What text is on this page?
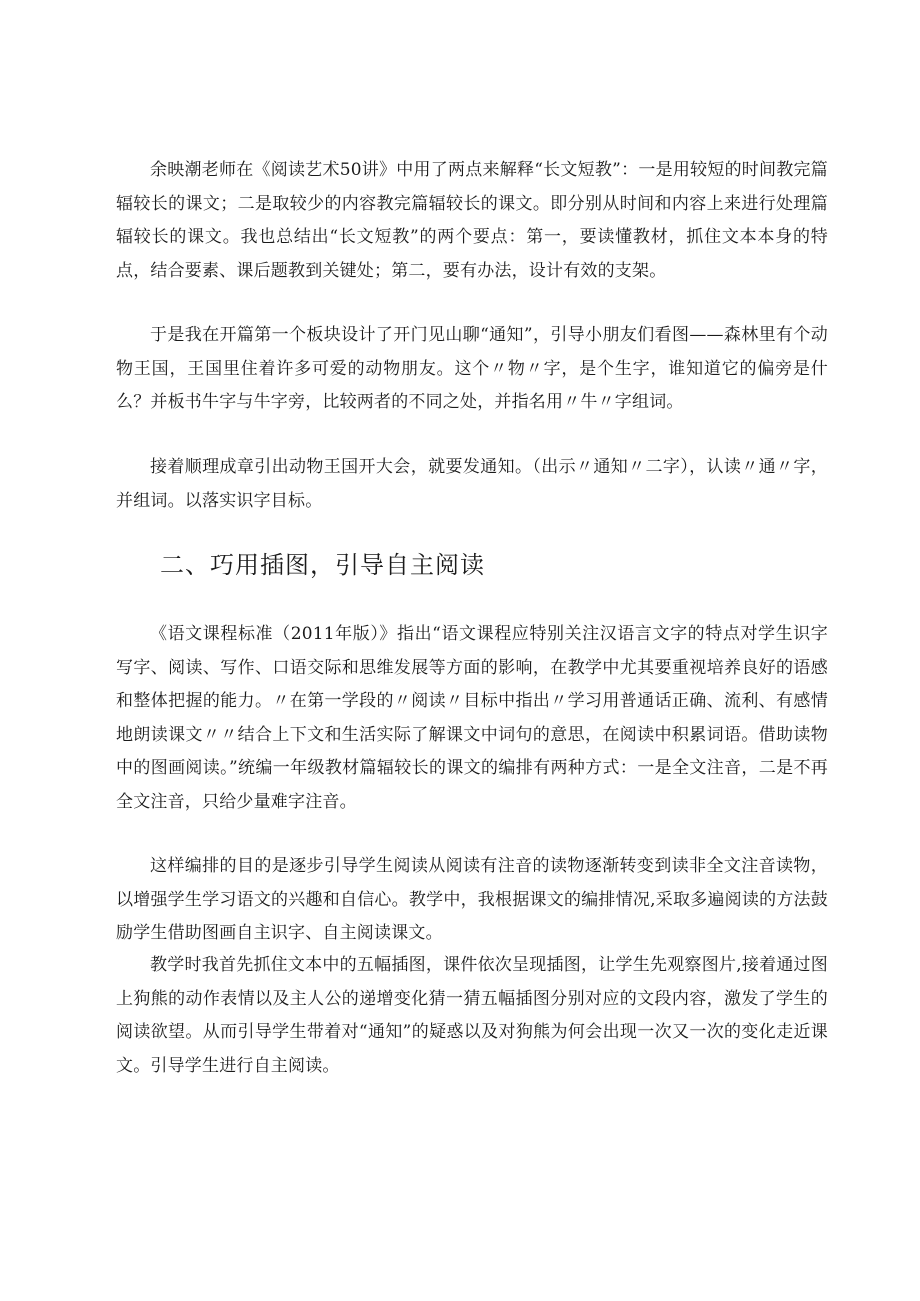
余映潮老师在《阅读艺术50讲》中用了两点来解释“长文短教”：一是用较短的时间教完篇辐较长的课文；二是取较少的内容教完篇辐较长的课文。即分别从时间和内容上来进行处理篇辐较长的课文。我也总结出“长文短教”的两个要点：第一，要读懂教材，抓住文本本身的特点，结合要素、课后题教到关键处；第二，要有办法，设计有效的支架。

于是我在开篇第一个板块设计了开门见山聊“通知”，引导小朋友们看图——森林里有个动物王国，王国里住着许多可爱的动物朋友。这个〃物〃字，是个生字，谁知道它的偏旁是什么？并板书牛字与牛字旁，比较两者的不同之处，并指名用〃牛〃字组词。

接着顺理成章引出动物王国开大会，就要发通知。（出示〃通知〃二字），认读〃通〃字，并组词。以落实识字目标。

二、巧用插图，引导自主阅读

《语文课程标准（2011年版）》指出“语文课程应特别关注汉语言文字的特点对学生识字写字、阅读、写作、口语交际和思维发展等方面的影响，在教学中尤其要重视培养良好的语感和整体把握的能力。〃在第一学段的〃阅读〃目标中指出〃学习用普通话正确、流利、有感情地朗读课文〃〃结合上下文和生活实际了解课文中词句的意思，在阅读中积累词语。借助读物中的图画阅读。”统编一年级教材篇辐较长的课文的编排有两种方式：一是全文注音，二是不再全文注音，只给少量难字注音。

这样编排的目的是逐步引导学生阅读从阅读有注音的读物逐渐转变到读非全文注音读物，以增强学生学习语文的兴趣和自信心。教学中，我根据课文的编排情况,采取多遍阅读的方法鼓励学生借助图画自主识字、自主阅读课文。

教学时我首先抓住文本中的五幅插图，课件依次呈现插图，让学生先观察图片,接着通过图上狗熊的动作表情以及主人公的递增变化猜一猜五幅插图分别对应的文段内容，激发了学生的阅读欲望。从而引导学生带着对“通知”的疑惑以及对狗熊为何会出现一次又一次的变化走近课文。引导学生进行自主阅读。
